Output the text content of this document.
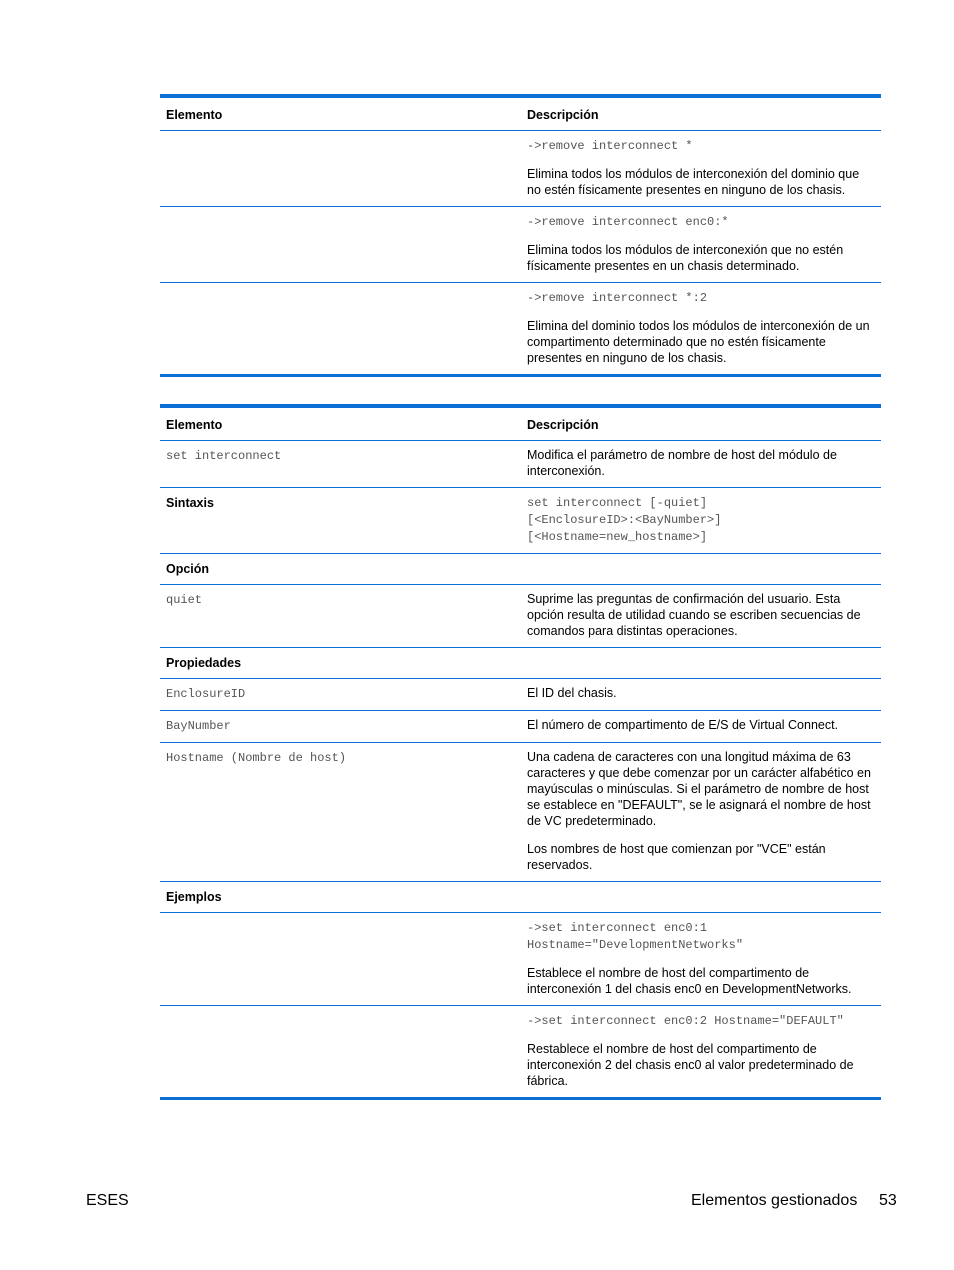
Elemento	Descripción

	->remove interconnect *
Elimina todos los módulos de interconexión del dominio que no estén físicamente presentes en ninguno de los chasis.

	->remove interconnect enc0:*
Elimina todos los módulos de interconexión que no estén físicamente presentes en un chasis determinado.

	->remove interconnect *:2
Elimina del dominio todos los módulos de interconexión de un compartimento determinado que no estén físicamente presentes en ninguno de los chasis.
Elemento	Descripción
set interconnect	Modifica el parámetro de nombre de host del módulo de interconexión.
Sintaxis	set interconnect [-quiet]
[<EnclosureID>:<BayNumber>]
[<Hostname=new_hostname>]

Opción	
quiet	Suprime las preguntas de confirmación del usuario. Esta opción resulta de utilidad cuando se escriben secuencias de comandos para distintas operaciones.
Propiedades	
EnclosureID	El ID del chasis.
BayNumber	El número de compartimento de E/S de Virtual Connect.
Hostname (Nombre de host)	Una cadena de caracteres con una longitud máxima de 63 caracteres y que debe comenzar por un carácter alfabético en mayúsculas o minúsculas. Si el parámetro de nombre de host se establece en "DEFAULT", se le asignará el nombre de host de VC predeterminado.
Los nombres de host que comienzan por "VCE" están reservados.

Ejemplos	

	->set interconnect enc0:1
Hostname="DevelopmentNetworks"
Establece el nombre de host del compartimento de interconexión 1 del chasis enc0 en DevelopmentNetworks.

	->set interconnect enc0:2 Hostname="DEFAULT"
Restablece el nombre de host del compartimento de interconexión 2 del chasis enc0 al valor predeterminado de fábrica.
ESES	Elementos gestionados 53
